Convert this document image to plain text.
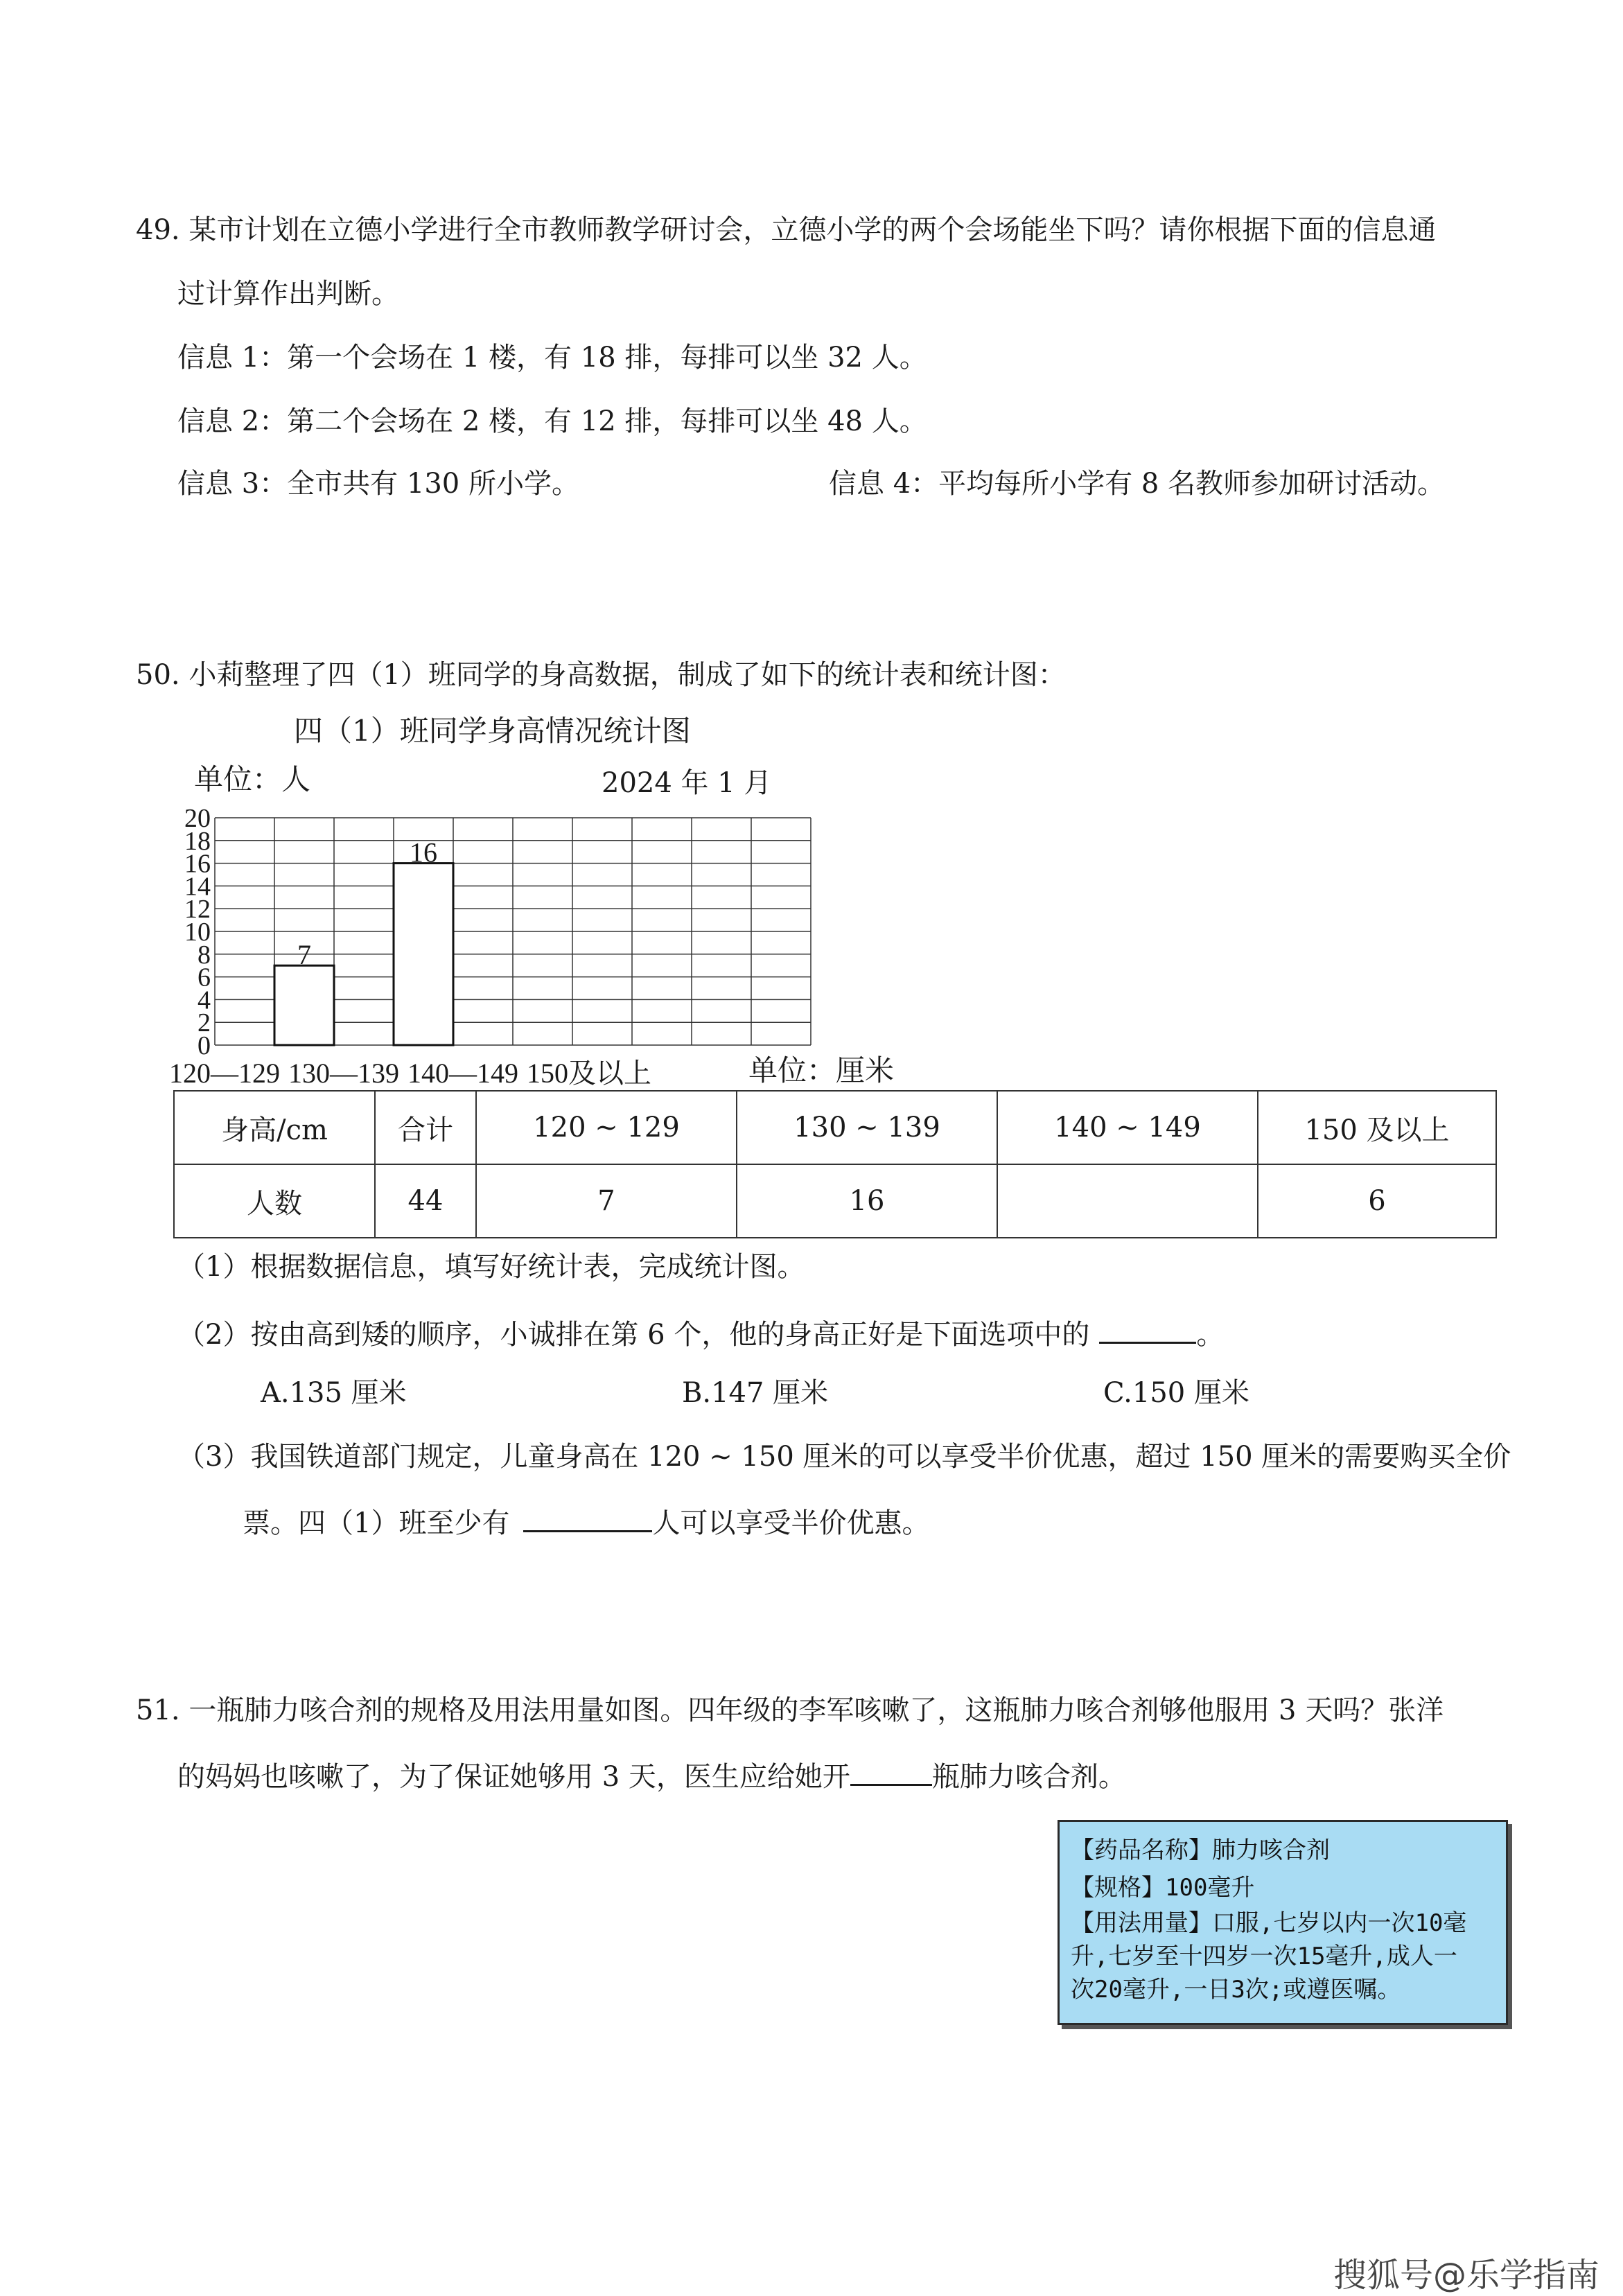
49. 某市计划在立德小学进行全市教师教学研讨会，立德小学的两个会场能坐下吗？请你根据下面的信息通
过计算作出判断。
信息 1：第一个会场在 1 楼，有 18 排，每排可以坐 32 人。
信息 2：第二个会场在 2 楼，有 12 排，每排可以坐 48 人。
信息 3：全市共有 130 所小学。	信息 4：平均每所小学有 8 名教师参加研讨活动。
50. 小莉整理了四（1）班同学的身高数据，制成了如下的统计表和统计图：
四（1）班同学身高情况统计图
单位：人	2024 年 1 月
0
2
4
6
8
10
12
14
16
18
20
7
16
120—129 130—139 140—149 150及以上	单位：厘米
身高/cm	合计	120 ~ 129	130 ~ 139	140 ~ 149	150 及以上
人数	44	7	16		6
（1）根据数据信息，填写好统计表，完成统计图。
（2）按由高到矮的顺序，小诚排在第 6 个，他的身高正好是下面选项中的	。
A.135 厘米	B.147 厘米	C.150 厘米
（3）我国铁道部门规定，儿童身高在 120 ~ 150 厘米的可以享受半价优惠，超过 150 厘米的需要购买全价
票。四（1）班至少有	人可以享受半价优惠。
51. 一瓶肺力咳合剂的规格及用法用量如图。四年级的李军咳嗽了，这瓶肺力咳合剂够他服用 3 天吗？张洋
的妈妈也咳嗽了，为了保证她够用 3 天，医生应给她开	瓶肺力咳合剂。
【药品名称】肺力咳合剂
【规格】100毫升
【用法用量】口服,七岁以内一次10毫
升,七岁至十四岁一次15毫升,成人一
次20毫升,一日3次;或遵医嘱。
搜狐号@乐学指南
